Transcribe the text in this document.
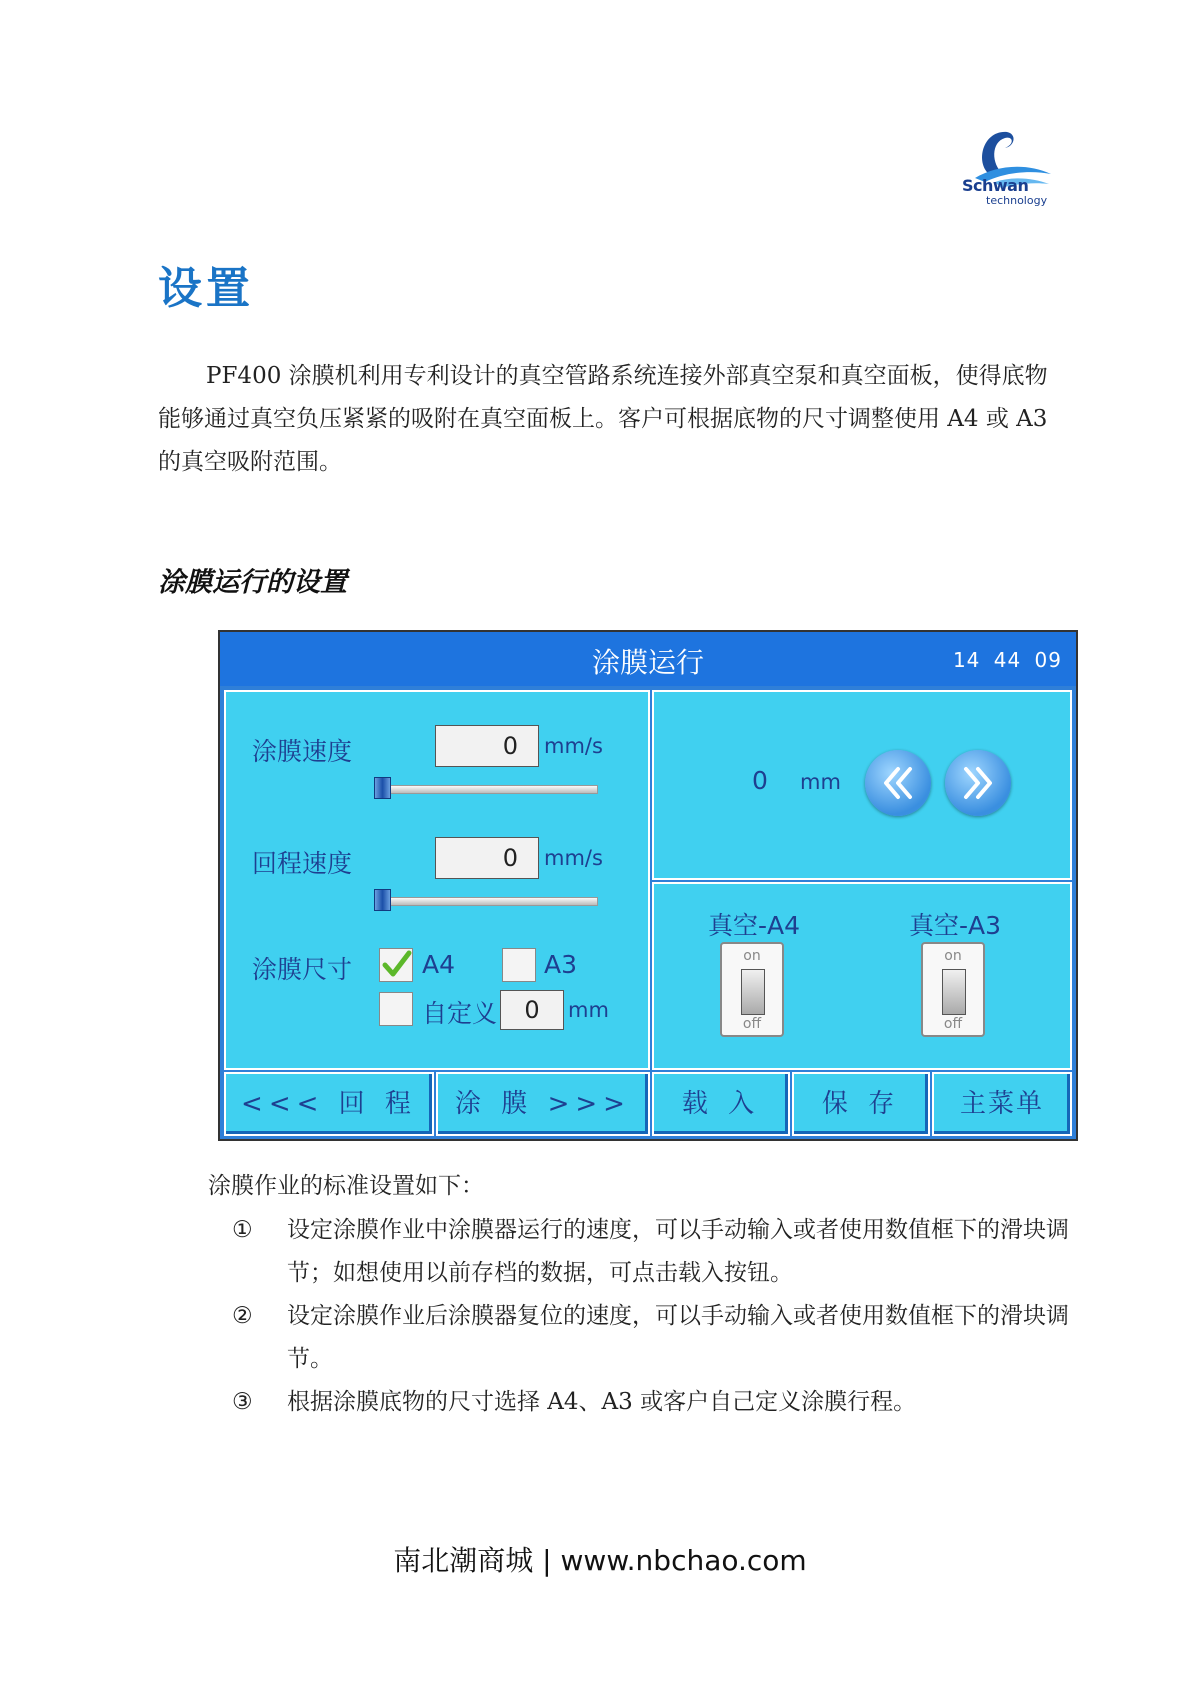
Schwan
technology
设置
PF400 涂膜机利用专利设计的真空管路系统连接外部真空泵和真空面板，使得底物能够通过真空负压紧紧的吸附在真空面板上。客户可根据底物的尺寸调整使用 A4 或 A3 的真空吸附范围。
涂膜运行的设置
涂膜运行	14 44 09
涂膜速度	0	mm/s
回程速度	0	mm/s
涂膜尺寸	A4	A3
自定义	0	mm
0 mm
真空-A4
on
off
真空-A3
on
off
<<< 回 程	涂 膜 >>>	载 入	保 存	主菜单
涂膜作业的标准设置如下：
① 设定涂膜作业中涂膜器运行的速度，可以手动输入或者使用数值框下的滑块调节；如想使用以前存档的数据，可点击载入按钮。
② 设定涂膜作业后涂膜器复位的速度，可以手动输入或者使用数值框下的滑块调节。
③ 根据涂膜底物的尺寸选择 A4、A3 或客户自己定义涂膜行程。
南北潮商城 | www.nbchao.com
